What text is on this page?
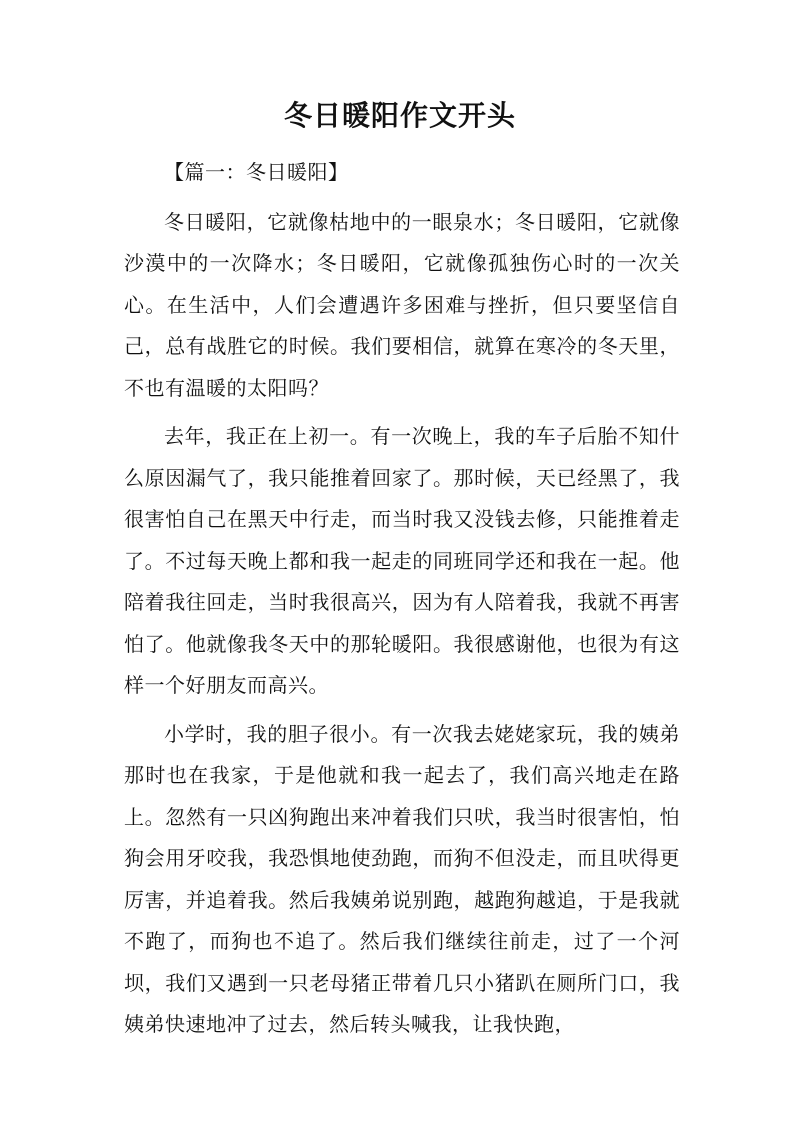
冬日暖阳作文开头
【篇一：冬日暖阳】

冬日暖阳，它就像枯地中的一眼泉水；冬日暖阳，它就像沙漠中的一次降水；冬日暖阳，它就像孤独伤心时的一次关心。在生活中，人们会遭遇许多困难与挫折，但只要坚信自己，总有战胜它的时候。我们要相信，就算在寒冷的冬天里，不也有温暖的太阳吗？

去年，我正在上初一。有一次晚上，我的车子后胎不知什么原因漏气了，我只能推着回家了。那时候，天已经黑了，我很害怕自己在黑天中行走，而当时我又没钱去修，只能推着走了。不过每天晚上都和我一起走的同班同学还和我在一起。他陪着我往回走，当时我很高兴，因为有人陪着我，我就不再害怕了。他就像我冬天中的那轮暖阳。我很感谢他，也很为有这样一个好朋友而高兴。

小学时，我的胆子很小。有一次我去姥姥家玩，我的姨弟那时也在我家，于是他就和我一起去了，我们高兴地走在路上。忽然有一只凶狗跑出来冲着我们只吠，我当时很害怕，怕狗会用牙咬我，我恐惧地使劲跑，而狗不但没走，而且吠得更厉害，并追着我。然后我姨弟说别跑，越跑狗越追，于是我就不跑了，而狗也不追了。然后我们继续往前走，过了一个河坝，我们又遇到一只老母猪正带着几只小猪趴在厕所门口，我姨弟快速地冲了过去，然后转头喊我，让我快跑，
